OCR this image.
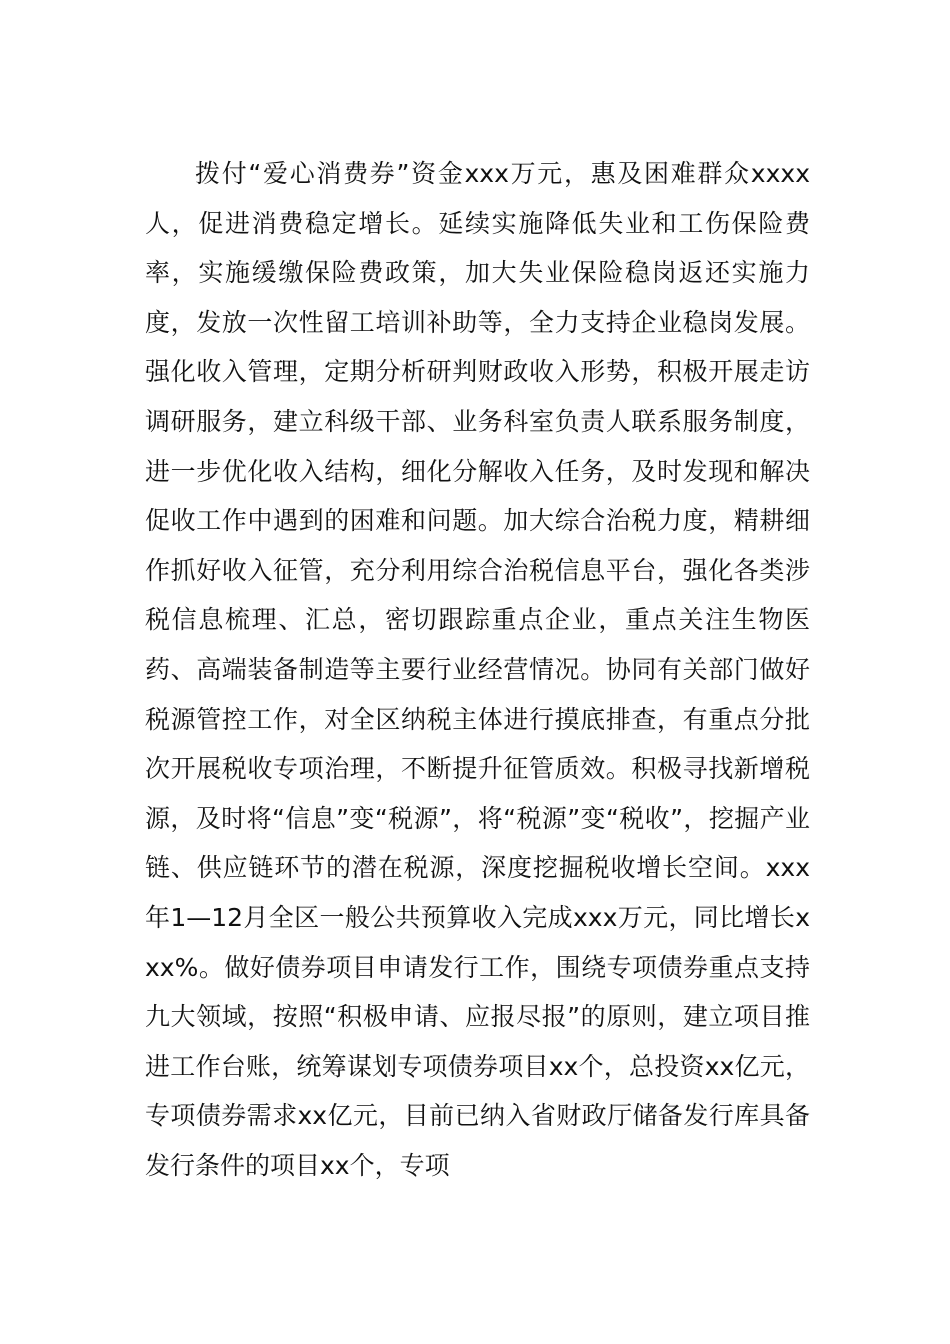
拨付“爱心消费券”资金xxx万元，惠及困难群众xxxx人，促进消费稳定增长。延续实施降低失业和工伤保险费率，实施缓缴保险费政策，加大失业保险稳岗返还实施力度，发放一次性留工培训补助等，全力支持企业稳岗发展。强化收入管理，定期分析研判财政收入形势，积极开展走访调研服务，建立科级干部、业务科室负责人联系服务制度，进一步优化收入结构，细化分解收入任务，及时发现和解决促收工作中遇到的困难和问题。加大综合治税力度，精耕细作抓好收入征管，充分利用综合治税信息平台，强化各类涉税信息梳理、汇总，密切跟踪重点企业，重点关注生物医药、高端装备制造等主要行业经营情况。协同有关部门做好税源管控工作，对全区纳税主体进行摸底排查，有重点分批次开展税收专项治理，不断提升征管质效。积极寻找新增税源，及时将“信息”变“税源”，将“税源”变“税收”，挖掘产业链、供应链环节的潜在税源，深度挖掘税收增长空间。xxx年1—12月全区一般公共预算收入完成xxx万元，同比增长xxx%。做好债券项目申请发行工作，围绕专项债券重点支持九大领域，按照“积极申请、应报尽报”的原则，建立项目推进工作台账，统筹谋划专项债券项目xx个，总投资xx亿元，专项债券需求xx亿元，目前已纳入省财政厅储备发行库具备发行条件的项目xx个，专项
